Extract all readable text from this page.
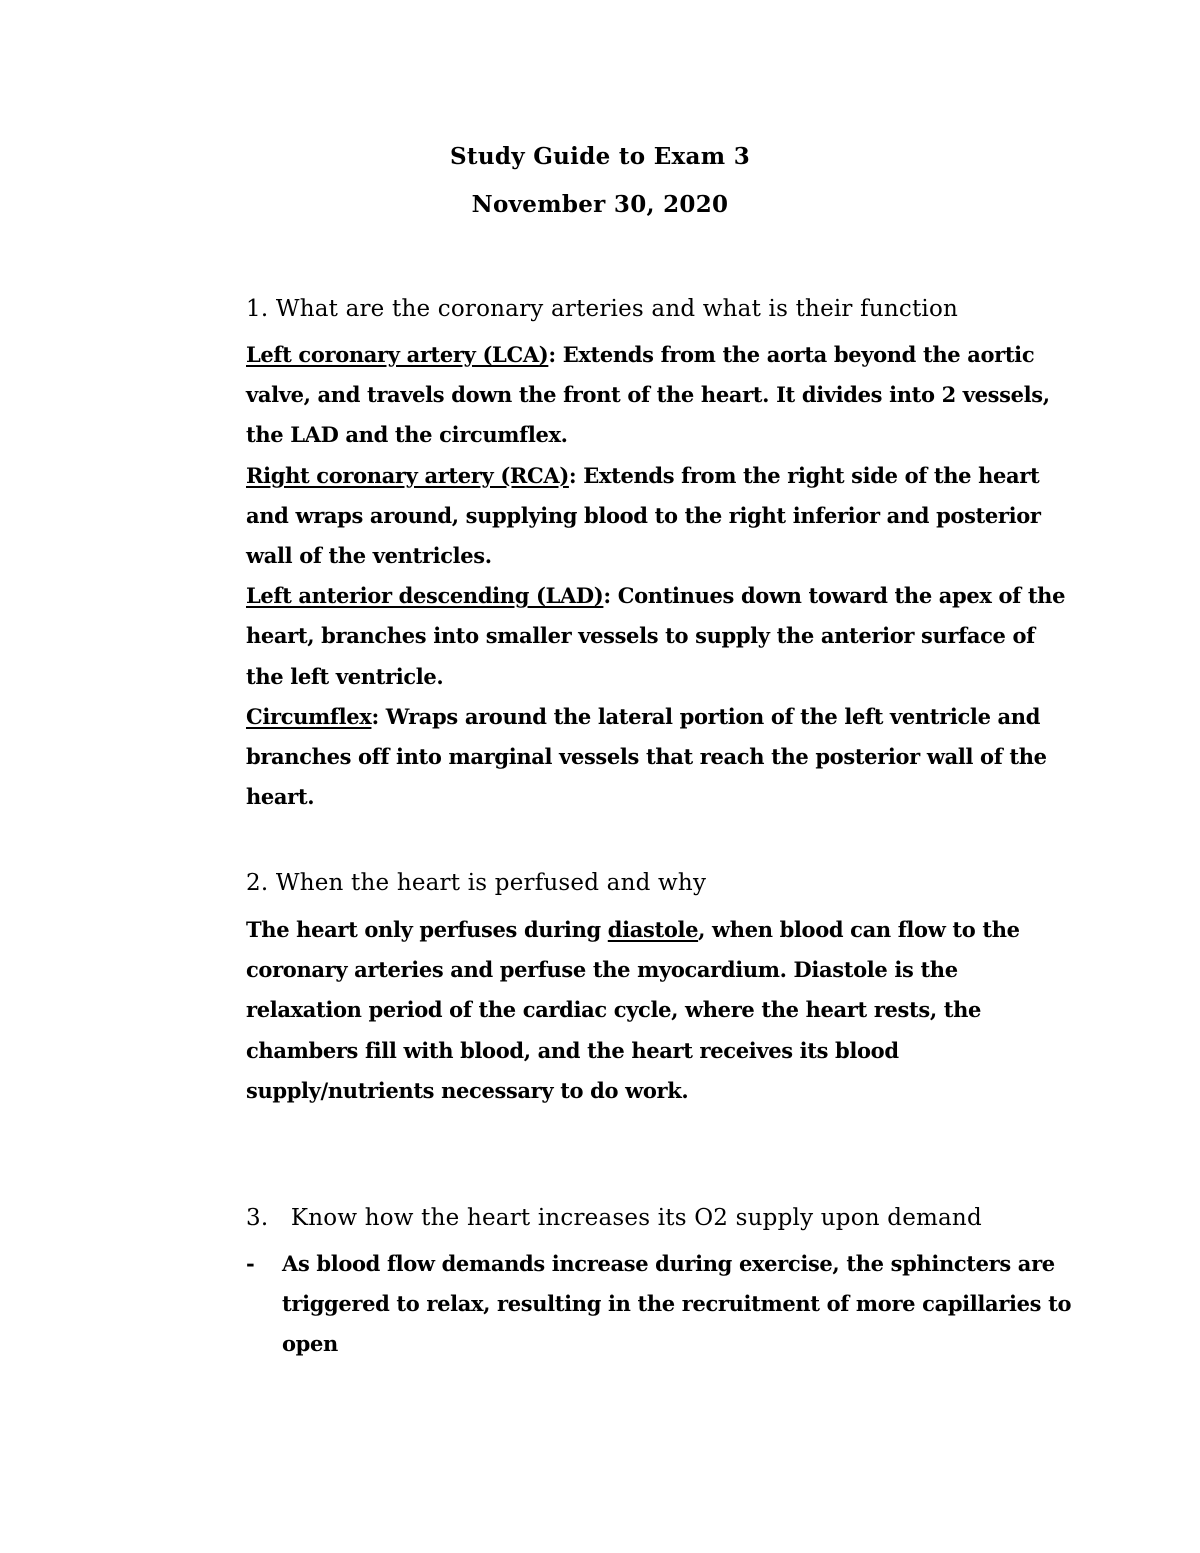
Study Guide to Exam 3
November 30, 2020
1. What are the coronary arteries and what is their function
Left coronary artery (LCA): Extends from the aorta beyond the aortic valve, and travels down the front of the heart. It divides into 2 vessels, the LAD and the circumflex.
Right coronary artery (RCA): Extends from the right side of the heart and wraps around, supplying blood to the right inferior and posterior wall of the ventricles.
Left anterior descending (LAD): Continues down toward the apex of the heart, branches into smaller vessels to supply the anterior surface of the left ventricle.
Circumflex: Wraps around the lateral portion of the left ventricle and branches off into marginal vessels that reach the posterior wall of the heart.
2. When the heart is perfused and why
The heart only perfuses during diastole, when blood can flow to the coronary arteries and perfuse the myocardium. Diastole is the relaxation period of the cardiac cycle, where the heart rests, the chambers fill with blood, and the heart receives its blood supply/nutrients necessary to do work.
3.   Know how the heart increases its O2 supply upon demand
- As blood flow demands increase during exercise, the sphincters are triggered to relax, resulting in the recruitment of more capillaries to open
